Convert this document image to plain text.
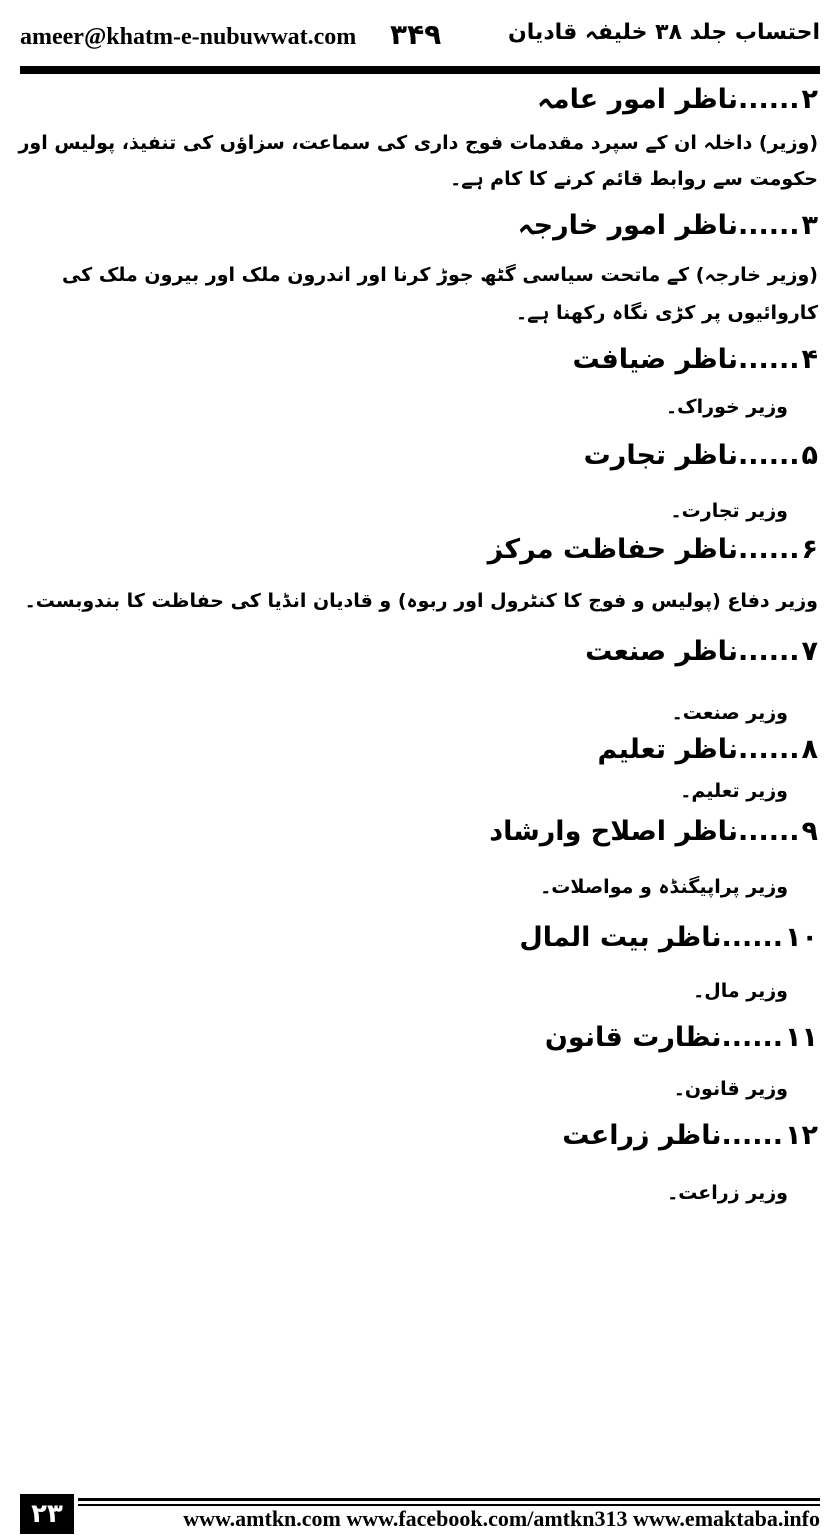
ameer@khatm-e-nubuwwat.com ۳۴۹	احتساب جلد ۳۸ خلیفہ قادیان
۲......ناظر امور عامہ
(وزیر) داخلہ ان کے سپرد مقدمات فوج داری کی سماعت، سزاؤں کی تنفیذ، پولیس اور
حکومت سے روابط قائم کرنے کا کام ہے۔
۳......ناظر امور خارجہ
(وزیر خارجہ) کے ماتحت سیاسی گٹھ جوڑ کرنا اور اندرون ملک اور بیرون ملک کی
کاروائیوں پر کڑی نگاہ رکھنا ہے۔
۴......ناظر ضیافت
وزیر خوراک۔
۵......ناظر تجارت
وزیر تجارت۔
۶......ناظر حفاظت مرکز
وزیر دفاع (پولیس و فوج کا کنٹرول اور ربوہ) و قادیان انڈیا کی حفاظت کا بندوبست۔
۷......ناظر صنعت
وزیر صنعت۔
۸......ناظر تعلیم
وزیر تعلیم۔
۹......ناظر اصلاح وارشاد
وزیر پراپیگنڈہ و مواصلات۔
۱۰......ناظر بیت المال
وزیر مال۔
۱۱......نظارت قانون
وزیر قانون۔
۱۲......ناظر زراعت
وزیر زراعت۔
۲۳	www.amtkn.com www.facebook.com/amtkn313 www.emaktaba.info
